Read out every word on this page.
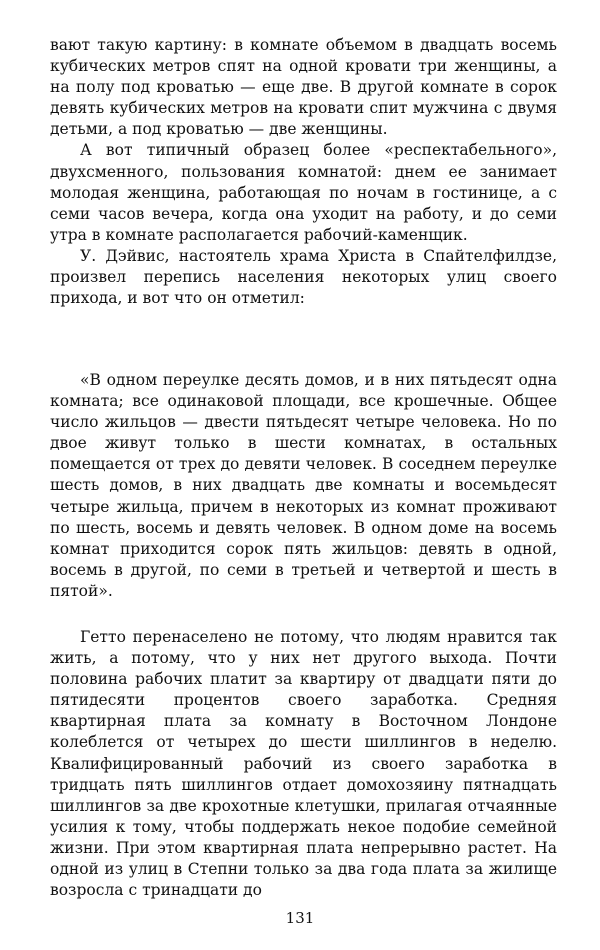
вают такую картину: в комнате объемом в двадцать восемь кубических метров спят на одной кровати три женщины, а на полу под кроватью — еще две. В другой комнате в сорок девять кубических метров на кровати спит мужчина с двумя детьми, а под кроватью — две женщины.

А вот типичный образец более «респектабельного», двухсменного, пользования комнатой: днем ее занимает молодая женщина, работающая по ночам в гостинице, а с семи часов вечера, когда она уходит на работу, и до семи утра в комнате располагается рабочий-каменщик.

У. Дэйвис, настоятель храма Христа в Спайтелфилдзе, произвел перепись населения некоторых улиц своего прихода, и вот что он отметил:

«В одном переулке десять домов, и в них пятьдесят одна комната; все одинаковой площади, все крошечные. Общее число жильцов — двести пятьдесят четыре человека. Но по двое живут только в шести комнатах, в остальных помещается от трех до девяти человек. В соседнем переулке шесть домов, в них двадцать две комнаты и восемьдесят четыре жильца, причем в некоторых из комнат проживают по шесть, восемь и девять человек. В одном доме на восемь комнат приходится сорок пять жильцов: девять в одной, восемь в другой, по семи в третьей и четвертой и шесть в пятой».

Гетто перенаселено не потому, что людям нравится так жить, а потому, что у них нет другого выхода. Почти половина рабочих платит за квартиру от двадцати пяти до пятидесяти процентов своего заработка. Средняя квартирная плата за комнату в Восточном Лондоне колеблется от четырех до шести шиллингов в неделю. Квалифицированный рабочий из своего заработка в тридцать пять шиллингов отдает домохозяину пятнадцать шиллингов за две крохотные клетушки, прилагая отчаянные усилия к тому, чтобы поддержать некое подобие семейной жизни. При этом квартирная плата непрерывно растет. На одной из улиц в Степни только за два года плата за жилище возросла с тринадцати до

131
